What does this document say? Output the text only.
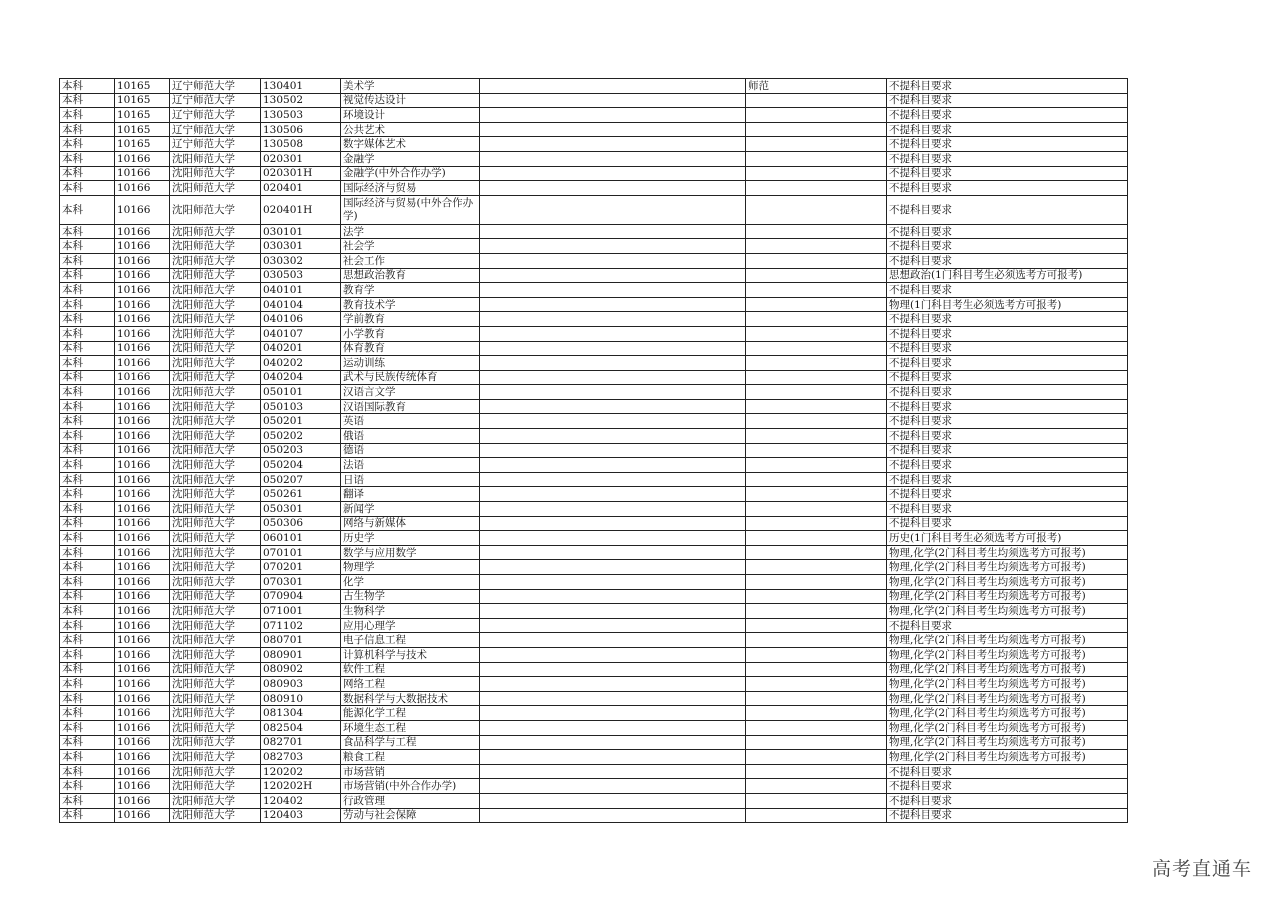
本科	10165	辽宁师范大学	130401	美术学		师范	不提科目要求
本科	10165	辽宁师范大学	130502	视觉传达设计			不提科目要求
本科	10165	辽宁师范大学	130503	环境设计			不提科目要求
本科	10165	辽宁师范大学	130506	公共艺术			不提科目要求
本科	10165	辽宁师范大学	130508	数字媒体艺术			不提科目要求
本科	10166	沈阳师范大学	020301	金融学			不提科目要求
本科	10166	沈阳师范大学	020301H	金融学(中外合作办学)			不提科目要求
本科	10166	沈阳师范大学	020401	国际经济与贸易			不提科目要求
本科	10166	沈阳师范大学	020401H	国际经济与贸易(中外合作办学)			不提科目要求
本科	10166	沈阳师范大学	030101	法学			不提科目要求
本科	10166	沈阳师范大学	030301	社会学			不提科目要求
本科	10166	沈阳师范大学	030302	社会工作			不提科目要求
本科	10166	沈阳师范大学	030503	思想政治教育			思想政治(1门科目考生必须选考方可报考)
本科	10166	沈阳师范大学	040101	教育学			不提科目要求
本科	10166	沈阳师范大学	040104	教育技术学			物理(1门科目考生必须选考方可报考)
本科	10166	沈阳师范大学	040106	学前教育			不提科目要求
本科	10166	沈阳师范大学	040107	小学教育			不提科目要求
本科	10166	沈阳师范大学	040201	体育教育			不提科目要求
本科	10166	沈阳师范大学	040202	运动训练			不提科目要求
本科	10166	沈阳师范大学	040204	武术与民族传统体育			不提科目要求
本科	10166	沈阳师范大学	050101	汉语言文学			不提科目要求
本科	10166	沈阳师范大学	050103	汉语国际教育			不提科目要求
本科	10166	沈阳师范大学	050201	英语			不提科目要求
本科	10166	沈阳师范大学	050202	俄语			不提科目要求
本科	10166	沈阳师范大学	050203	德语			不提科目要求
本科	10166	沈阳师范大学	050204	法语			不提科目要求
本科	10166	沈阳师范大学	050207	日语			不提科目要求
本科	10166	沈阳师范大学	050261	翻译			不提科目要求
本科	10166	沈阳师范大学	050301	新闻学			不提科目要求
本科	10166	沈阳师范大学	050306	网络与新媒体			不提科目要求
本科	10166	沈阳师范大学	060101	历史学			历史(1门科目考生必须选考方可报考)
本科	10166	沈阳师范大学	070101	数学与应用数学			物理,化学(2门科目考生均须选考方可报考)
本科	10166	沈阳师范大学	070201	物理学			物理,化学(2门科目考生均须选考方可报考)
本科	10166	沈阳师范大学	070301	化学			物理,化学(2门科目考生均须选考方可报考)
本科	10166	沈阳师范大学	070904	古生物学			物理,化学(2门科目考生均须选考方可报考)
本科	10166	沈阳师范大学	071001	生物科学			物理,化学(2门科目考生均须选考方可报考)
本科	10166	沈阳师范大学	071102	应用心理学			不提科目要求
本科	10166	沈阳师范大学	080701	电子信息工程			物理,化学(2门科目考生均须选考方可报考)
本科	10166	沈阳师范大学	080901	计算机科学与技术			物理,化学(2门科目考生均须选考方可报考)
本科	10166	沈阳师范大学	080902	软件工程			物理,化学(2门科目考生均须选考方可报考)
本科	10166	沈阳师范大学	080903	网络工程			物理,化学(2门科目考生均须选考方可报考)
本科	10166	沈阳师范大学	080910	数据科学与大数据技术			物理,化学(2门科目考生均须选考方可报考)
本科	10166	沈阳师范大学	081304	能源化学工程			物理,化学(2门科目考生均须选考方可报考)
本科	10166	沈阳师范大学	082504	环境生态工程			物理,化学(2门科目考生均须选考方可报考)
本科	10166	沈阳师范大学	082701	食品科学与工程			物理,化学(2门科目考生均须选考方可报考)
本科	10166	沈阳师范大学	082703	粮食工程			物理,化学(2门科目考生均须选考方可报考)
本科	10166	沈阳师范大学	120202	市场营销			不提科目要求
本科	10166	沈阳师范大学	120202H	市场营销(中外合作办学)			不提科目要求
本科	10166	沈阳师范大学	120402	行政管理			不提科目要求
本科	10166	沈阳师范大学	120403	劳动与社会保障			不提科目要求
高考直通车
